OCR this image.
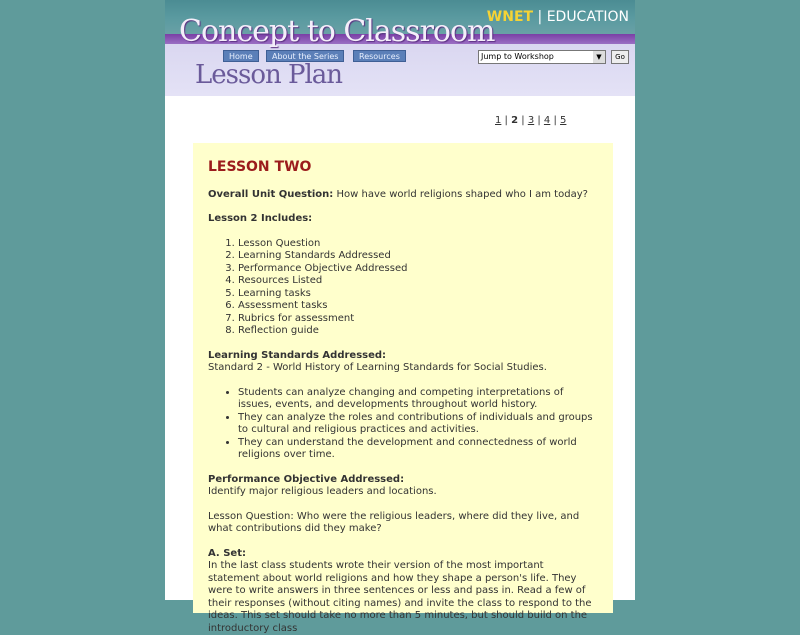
Concept to Classroom
WNET | EDUCATION
Home	About the Series	Resources	Jump to Workshop	▼	Go
Lesson Plan
1 | 2 | 3 | 4 | 5
LESSON TWO

Overall Unit Question: How have world religions shaped who I am today?

Lesson 2 Includes:

1. Lesson Question
2. Learning Standards Addressed
3. Performance Objective Addressed
4. Resources Listed
5. Learning tasks
6. Assessment tasks
7. Rubrics for assessment
8. Reflection guide
Learning Standards Addressed:

Standard 2 - World History of Learning Standards for Social Studies.

• Students can analyze changing and competing interpretations of issues, events, and developments throughout world history.
• They can analyze the roles and contributions of individuals and groups to cultural and religious practices and activities.
• They can understand the development and connectedness of world religions over time.
Performance Objective Addressed:

Identify major religious leaders and locations.

Lesson Question: Who were the religious leaders, where did they live, and what contributions did they make?

A. Set:

In the last class students wrote their version of the most important statement about world religions and how they shape a person's life. They were to write answers in three sentences or less and pass in. Read a few of their responses (without citing names) and invite the class to respond to the ideas. This set should take no more than 5 minutes, but should build on the introductory class
